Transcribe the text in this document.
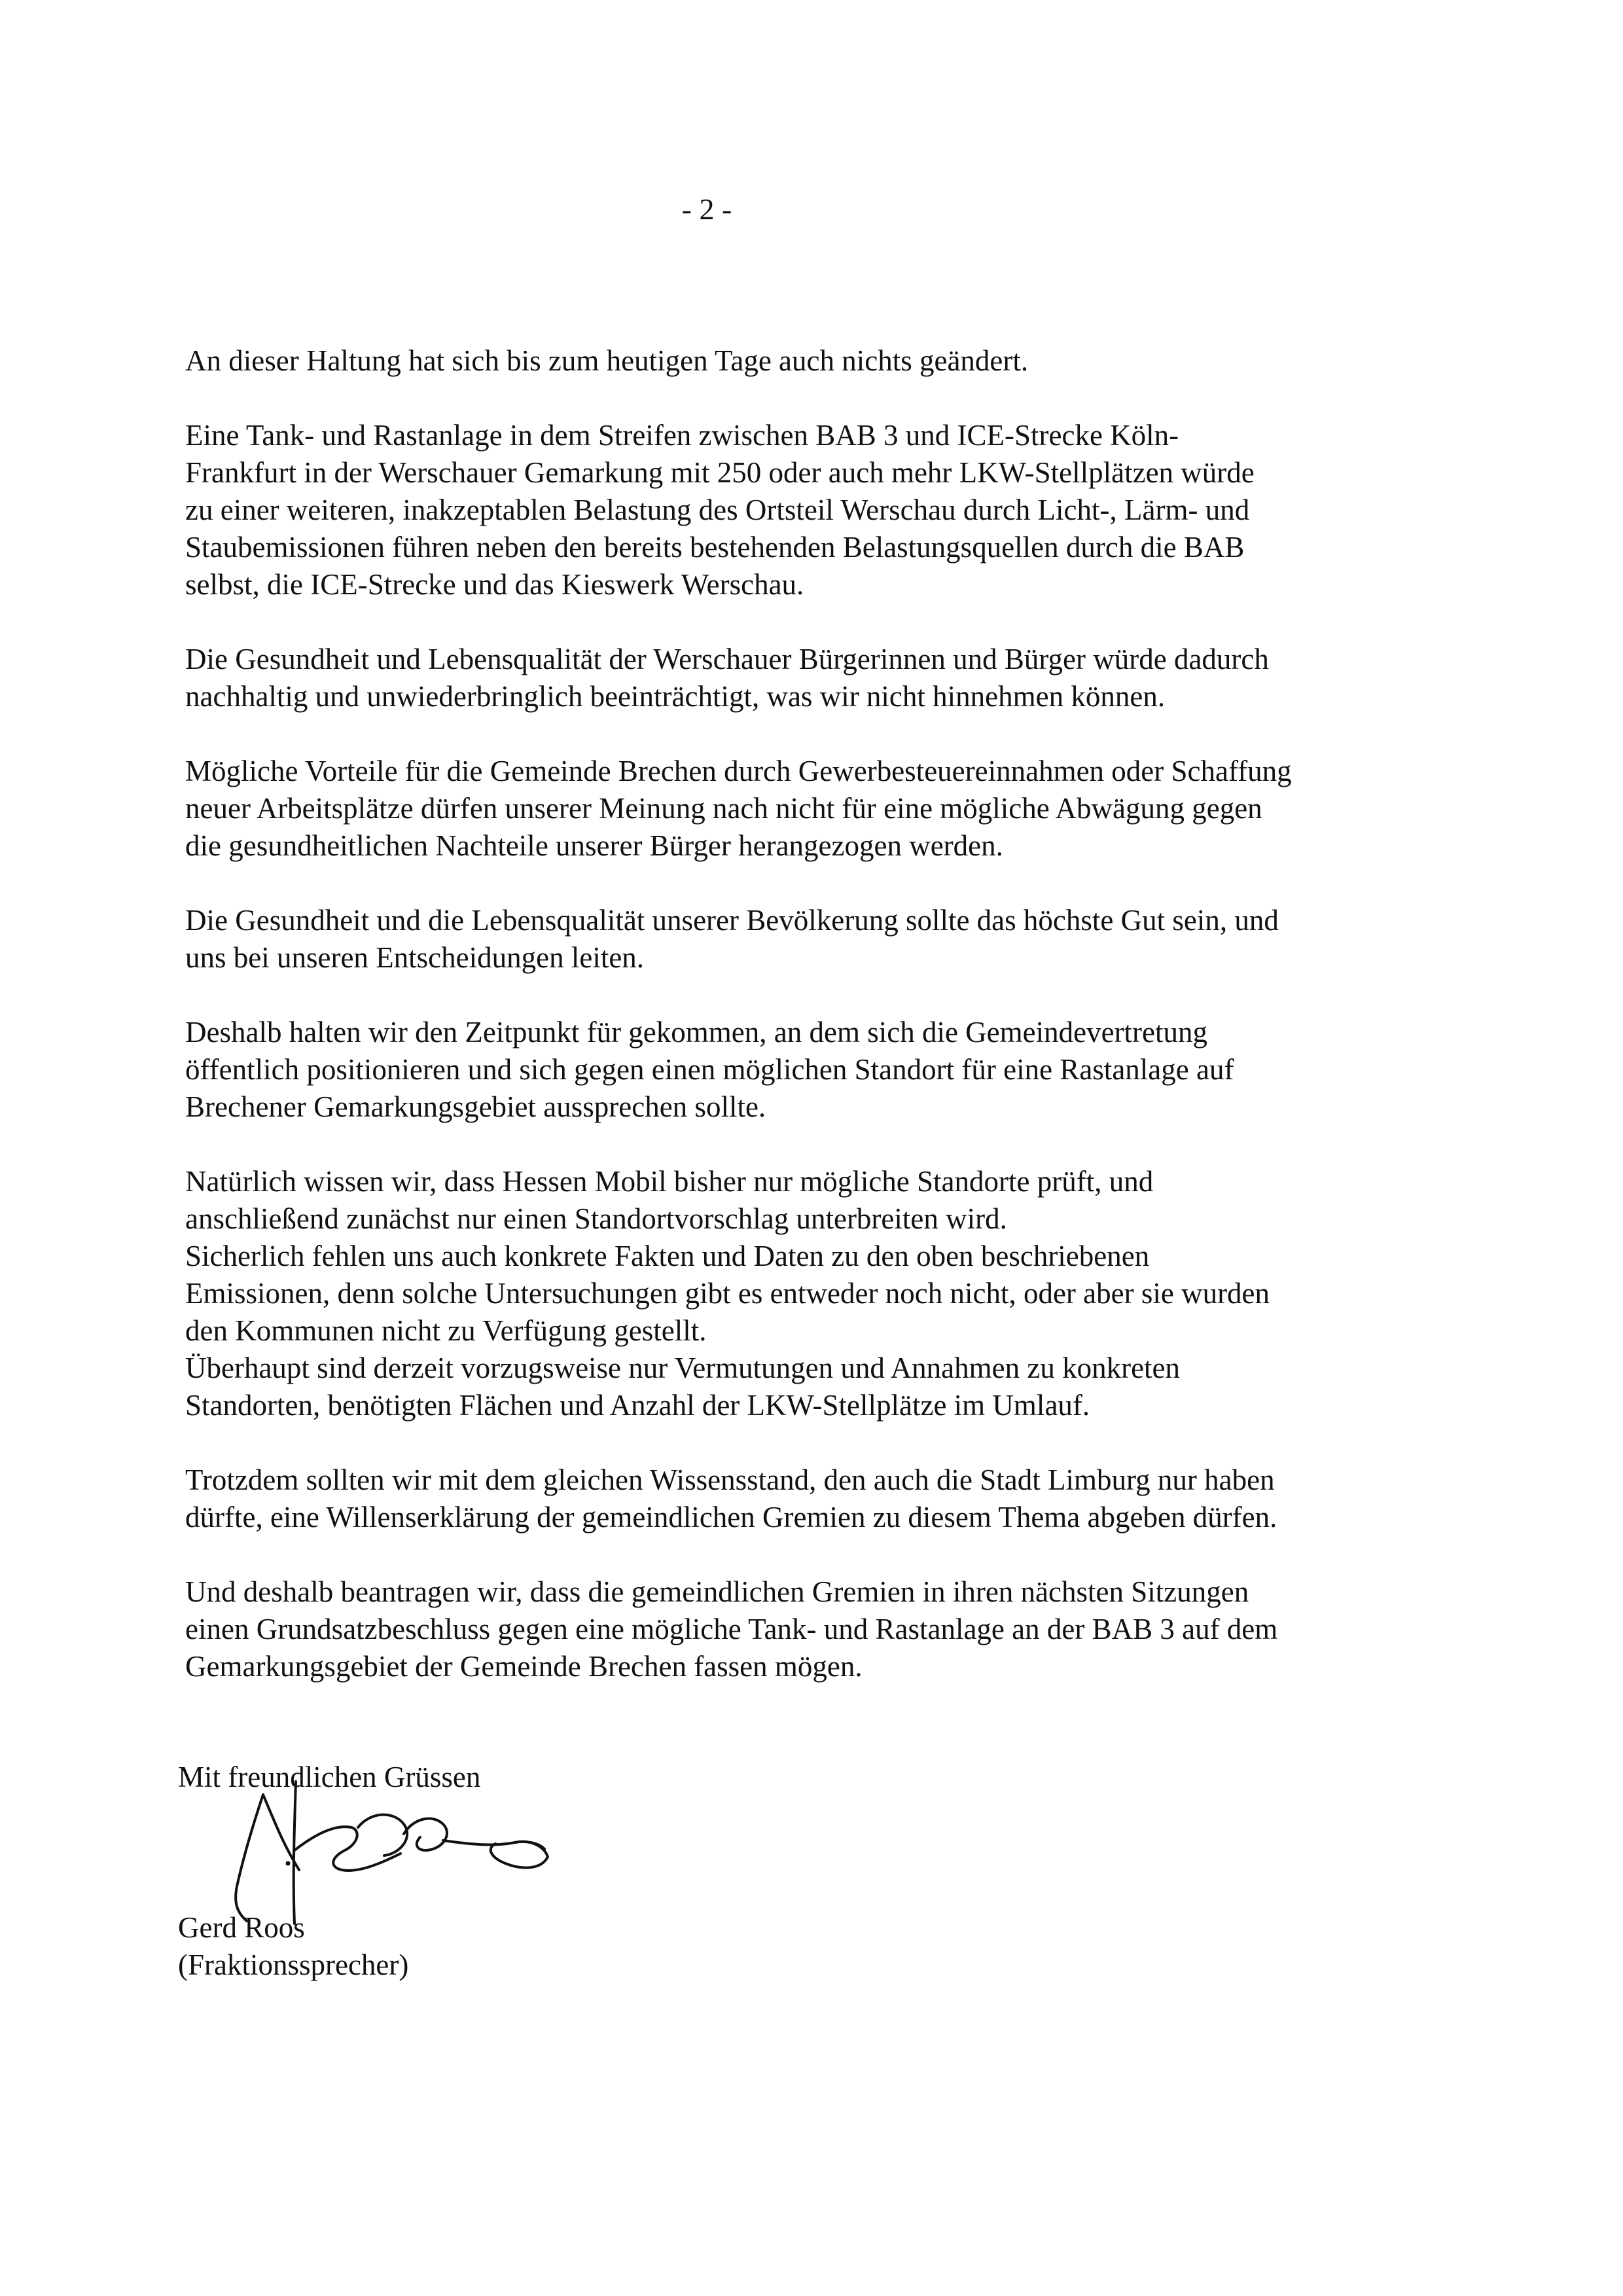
- 2 -

An dieser Haltung hat sich bis zum heutigen Tage auch nichts geändert.

Eine Tank- und Rastanlage in dem Streifen zwischen BAB 3 und ICE-Strecke Köln-
Frankfurt in der Werschauer Gemarkung mit 250 oder auch mehr LKW-Stellplätzen würde
zu einer weiteren, inakzeptablen Belastung des Ortsteil Werschau durch Licht-, Lärm- und
Staubemissionen führen neben den bereits bestehenden Belastungsquellen durch die BAB
selbst, die ICE-Strecke und das Kieswerk Werschau.

Die Gesundheit und Lebensqualität der Werschauer Bürgerinnen und Bürger würde dadurch
nachhaltig und unwiederbringlich beeinträchtigt, was wir nicht hinnehmen können.

Mögliche Vorteile für die Gemeinde Brechen durch Gewerbesteuereinnahmen oder Schaffung
neuer Arbeitsplätze dürfen unserer Meinung nach nicht für eine mögliche Abwägung gegen
die gesundheitlichen Nachteile unserer Bürger herangezogen werden.

Die Gesundheit und die Lebensqualität unserer Bevölkerung sollte das höchste Gut sein, und
uns bei unseren Entscheidungen leiten.

Deshalb halten wir den Zeitpunkt für gekommen, an dem sich die Gemeindevertretung
öffentlich positionieren und sich gegen einen möglichen Standort für eine Rastanlage auf
Brechener Gemarkungsgebiet aussprechen sollte.

Natürlich wissen wir, dass Hessen Mobil bisher nur mögliche Standorte prüft, und
anschließend zunächst nur einen Standortvorschlag unterbreiten wird.
Sicherlich fehlen uns auch konkrete Fakten und Daten zu den oben beschriebenen
Emissionen, denn solche Untersuchungen gibt es entweder noch nicht, oder aber sie wurden
den Kommunen nicht zu Verfügung gestellt.
Überhaupt sind derzeit vorzugsweise nur Vermutungen und Annahmen zu konkreten
Standorten, benötigten Flächen und Anzahl der LKW-Stellplätze im Umlauf.

Trotzdem sollten wir mit dem gleichen Wissensstand, den auch die Stadt Limburg nur haben
dürfte, eine Willenserklärung der gemeindlichen Gremien zu diesem Thema abgeben dürfen.

Und deshalb beantragen wir, dass die gemeindlichen Gremien in ihren nächsten Sitzungen
einen Grundsatzbeschluss gegen eine mögliche Tank- und Rastanlage an der BAB 3 auf dem
Gemarkungsgebiet der Gemeinde Brechen fassen mögen.

Mit freundlichen Grüssen
Gerd Roos
(Fraktionssprecher)
